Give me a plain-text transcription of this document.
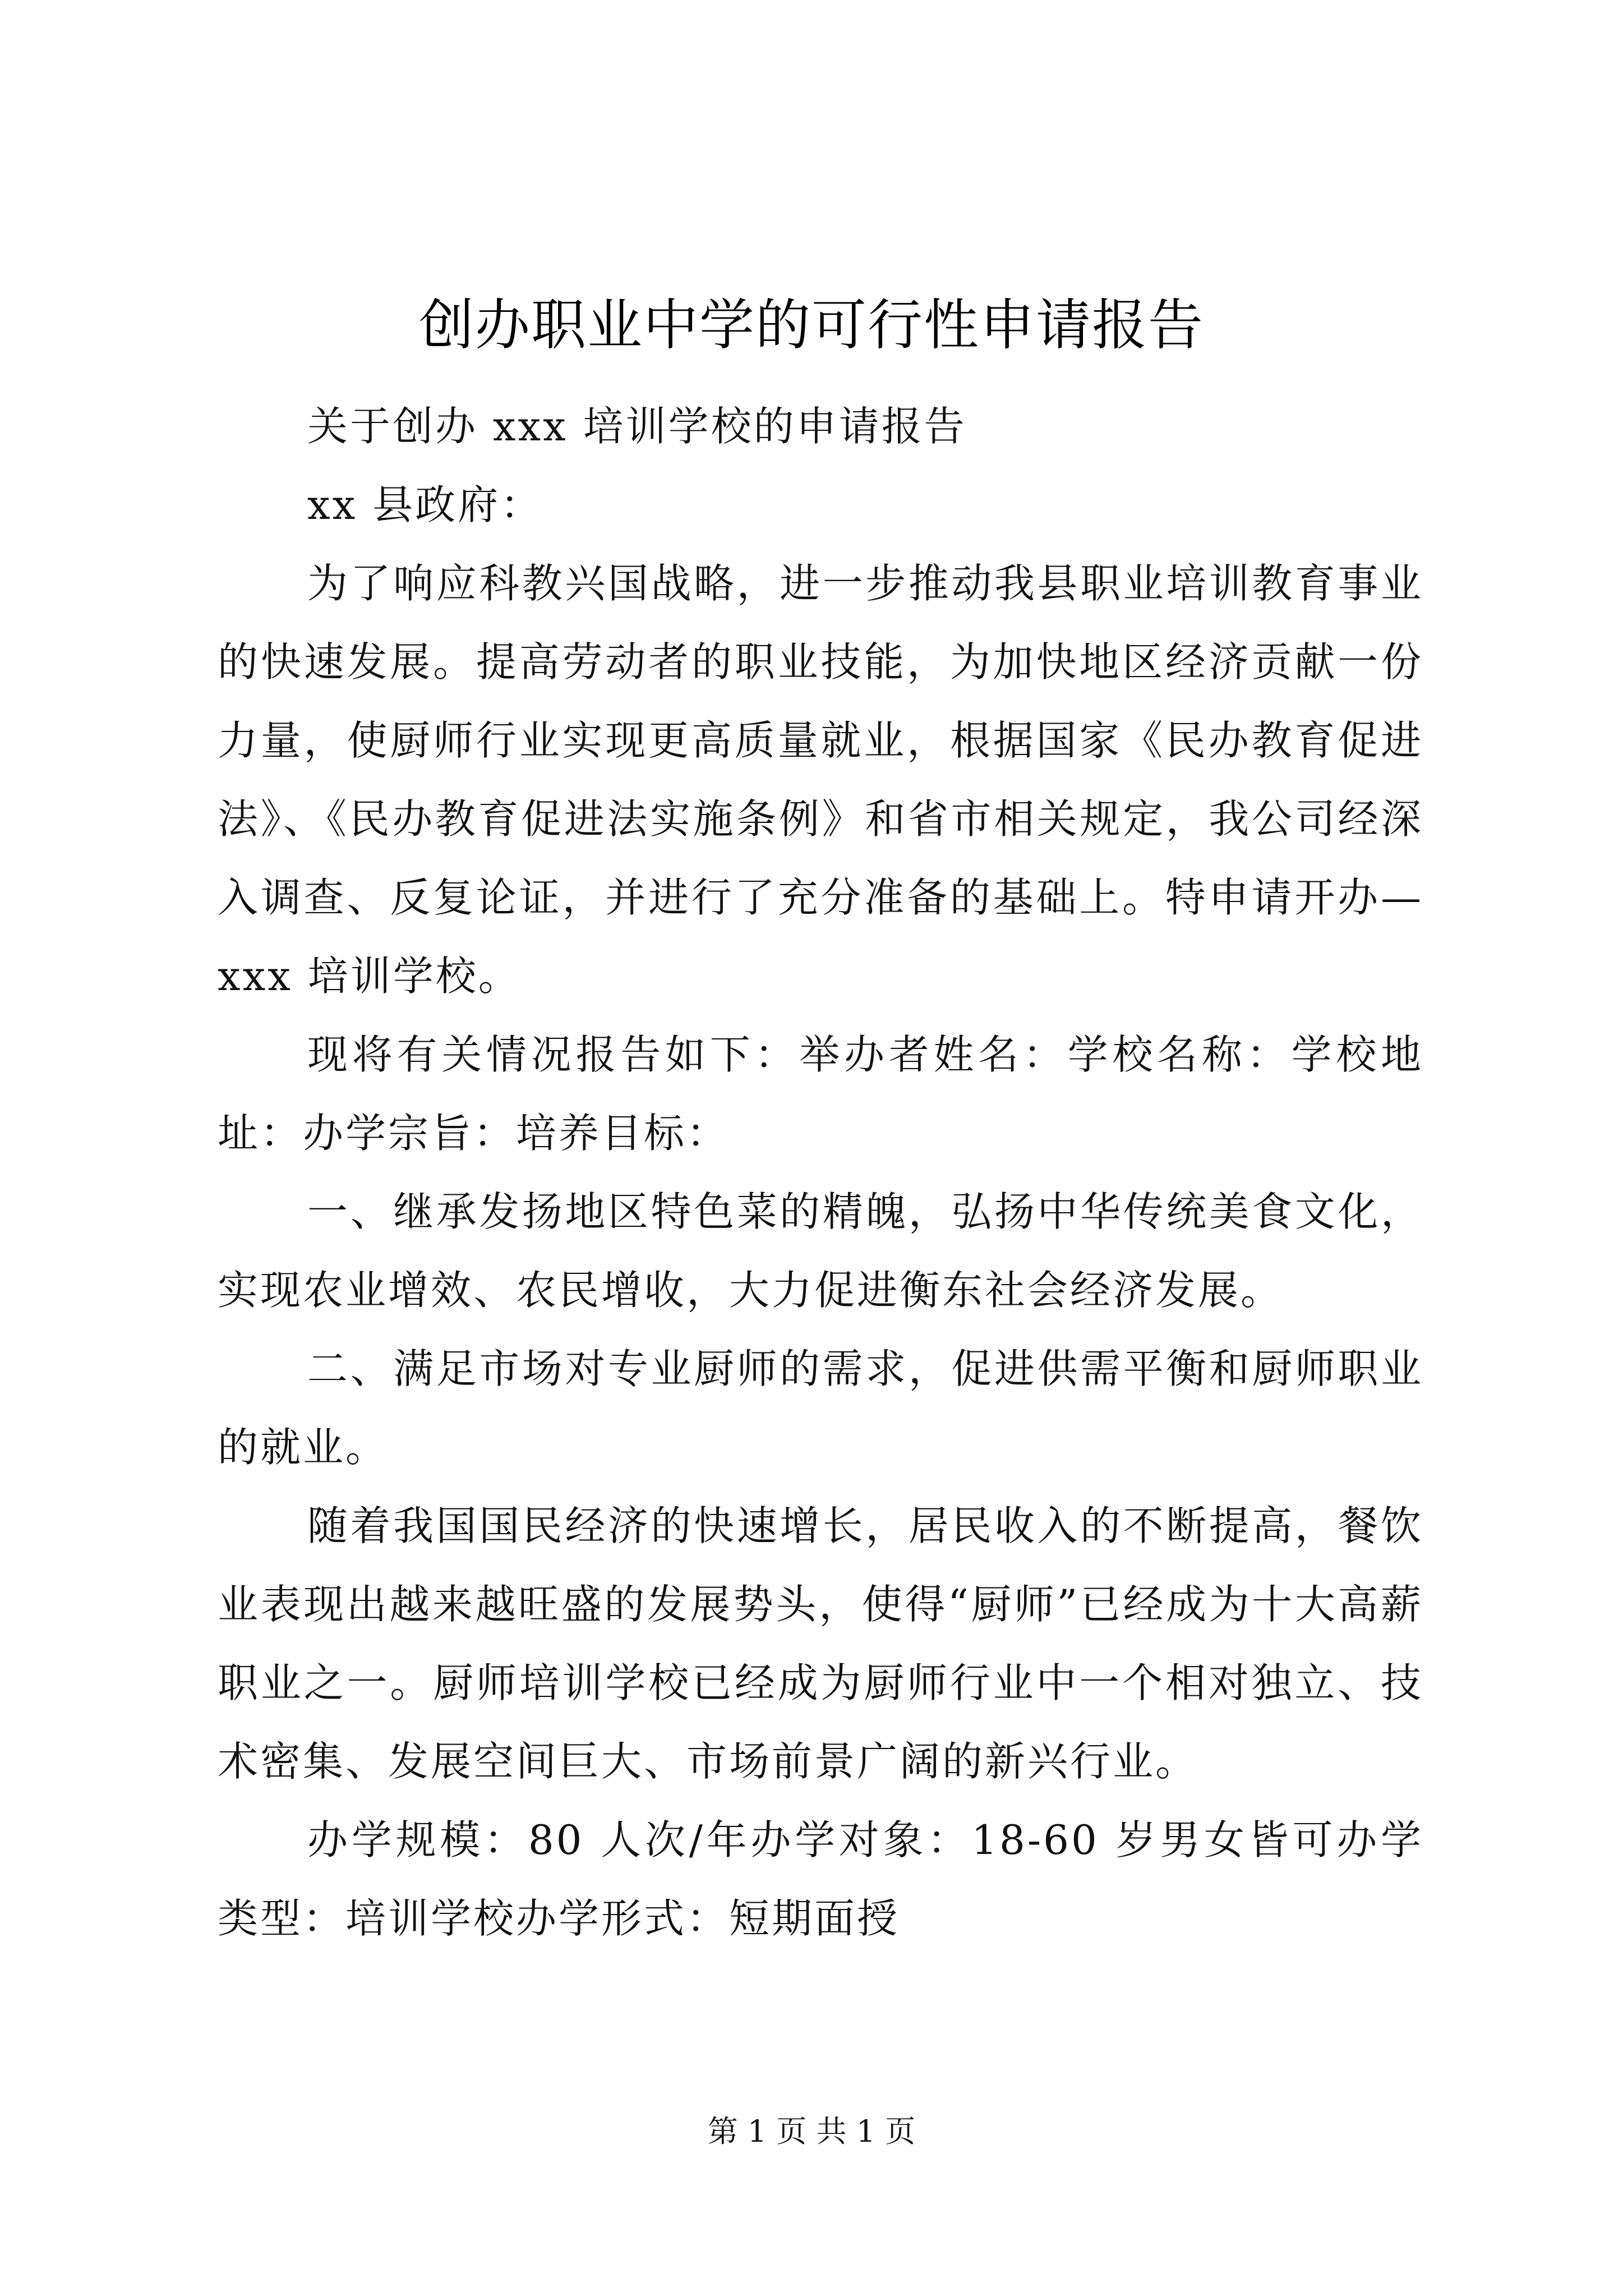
创办职业中学的可行性申请报告

关于创办 xxx 培训学校的申请报告

xx 县政府：

为了响应科教兴国战略，进一步推动我县职业培训教育事业的快速发展。提高劳动者的职业技能，为加快地区经济贡献一份力量，使厨师行业实现更高质量就业，根据国家《民办教育促进法》、《民办教育促进法实施条例》和省市相关规定，我公司经深入调查、反复论证，并进行了充分准备的基础上。特申请开办—xxx 培训学校。

现将有关情况报告如下：举办者姓名：学校名称：学校地址：办学宗旨：培养目标：

一、继承发扬地区特色菜的精魄，弘扬中华传统美食文化，实现农业增效、农民增收，大力促进衡东社会经济发展。

二、满足市场对专业厨师的需求，促进供需平衡和厨师职业的就业。

随着我国国民经济的快速增长，居民收入的不断提高，餐饮业表现出越来越旺盛的发展势头，使得“厨师”已经成为十大高薪职业之一。厨师培训学校已经成为厨师行业中一个相对独立、技术密集、发展空间巨大、市场前景广阔的新兴行业。

办学规模：80 人次/年办学对象：18-60 岁男女皆可办学类型：培训学校办学形式：短期面授

第 1 页 共 1 页
